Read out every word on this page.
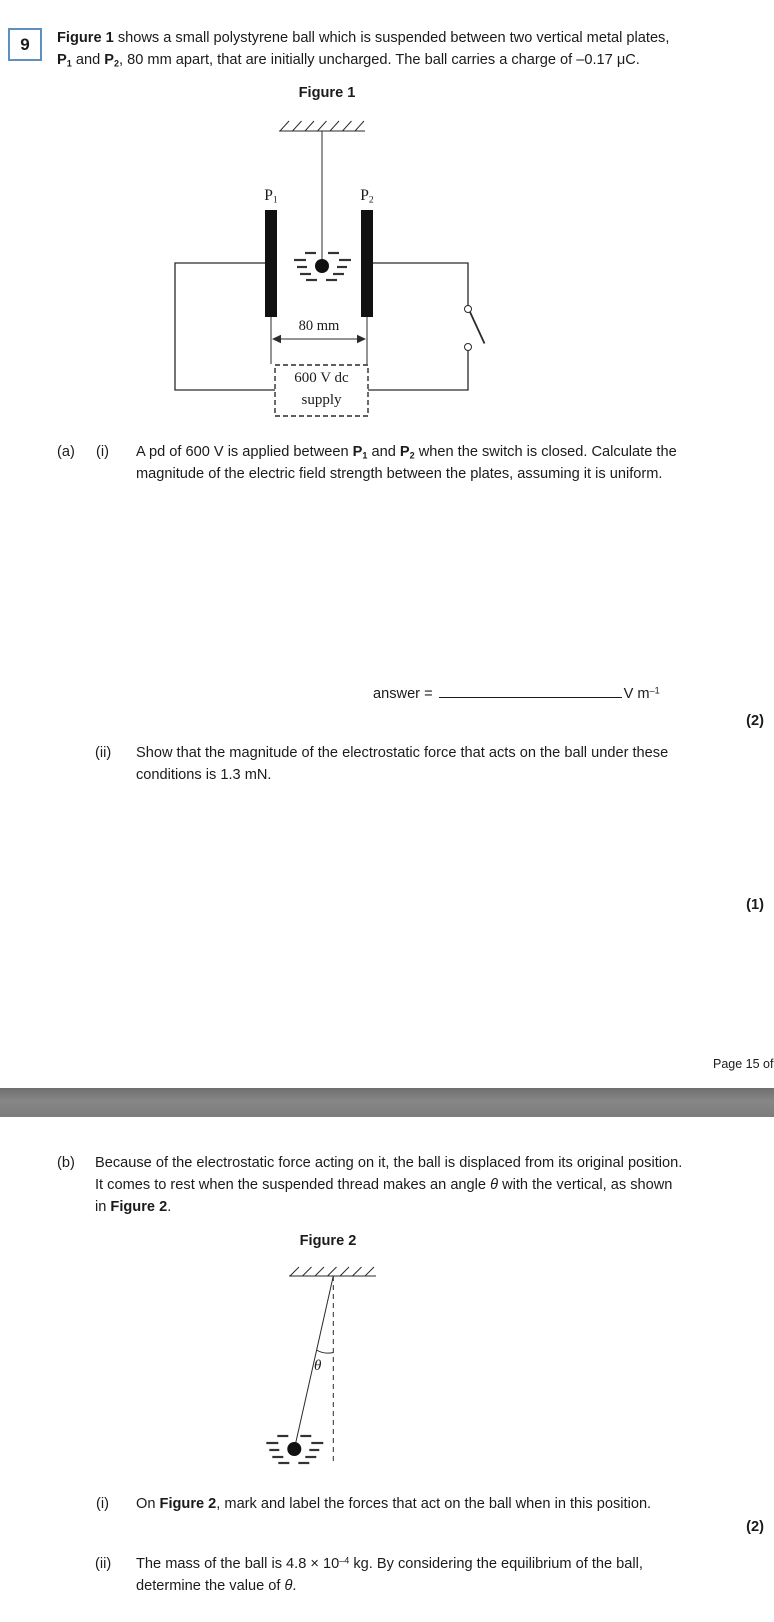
9 Figure 1 shows a small polystyrene ball which is suspended between two vertical metal plates,
$P_1$ and $P_2$, 80 mm apart, that are initially uncharged. The ball carries a charge of –0.17 μC.
Figure 1
$P_1$	$P_2$
80 mm
600 V dc
supply
(a) (i) A pd of 600 V is applied between $P_1$ and $P_2$ when the switch is closed. Calculate the
magnitude of the electric field strength between the plates, assuming it is uniform.
answer =	V $m^{-1}$
(2)
(ii) Show that the magnitude of the electrostatic force that acts on the ball under these
conditions is 1.3 mN.
(1)
Page 15 of
(b) Because of the electrostatic force acting on it, the ball is displaced from its original position.
It comes to rest when the suspended thread makes an angle θ with the vertical, as shown
in Figure 2.
Figure 2
θ
(i) On Figure 2, mark and label the forces that act on the ball when in this position.
(2)
(ii) The mass of the ball is $4.8 \times 10^{-4}$ kg. By considering the equilibrium of the ball,
determine the value of θ.
